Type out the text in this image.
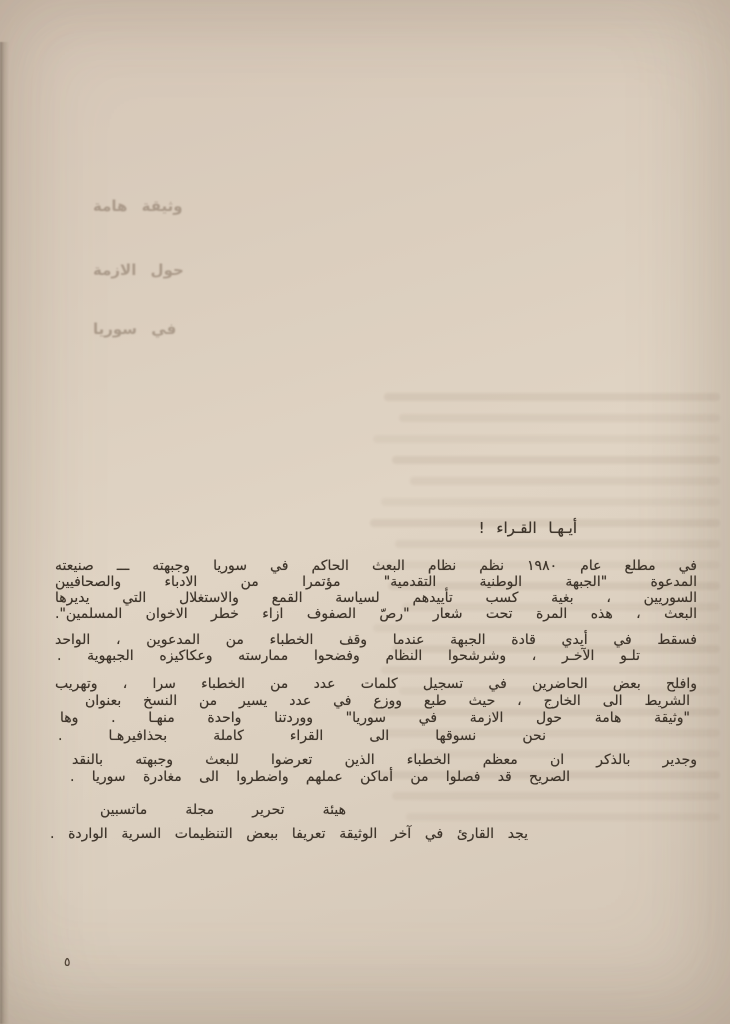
وثيقة هامة
حول الازمة
في سوريا
أيـهـا القـراء !
في مطلع عام ١٩٨٠ نظم نظام البعث الحاكم في سوريا وجبهته ـــ صنيعته
المدعوة "الجبهة الوطنية التقدمية" مؤتمرا من الادباء والصحافيين
السوريين ، بغية كسب تأييدهم لسياسة القمع والاستغلال التي يديرها
البعث ، هذه المرة تحت شعار "رصّ الصفوف ازاء خطر الاخوان المسلمين".
فسقط في أيدي قادة الجبهة عندما وقف الخطباء من المدعوين ، الواحد
تلـو الآخـر ، وشرشحوا النظام وفضحوا ممارسته وعكاكيزه الجبهوية .
وافلح بعض الحاضرين في تسجيل كلمات عدد من الخطباء سرا ، وتهريب
الشريط الى الخارج ، حيث طبع ووزع في عدد يسير من النسخ بعنوان
"وثيقة هامة حول الازمة في سوريا" ووردتنا واحدة منهـا . وها
نحن نسوقها الى القراء كاملة بحذافيرهـا .
وجدير بالذكر ان معظم الخطباء الذين تعرضوا للبعث وجبهته بالنقد
الصريح قد فصلوا من أماكن عملهم واضطروا الى مغادرة سوريا .
هيئة تحرير مجلة ماتسبين
يجد القارئ في آخر الوثيقة تعريفا ببعض التنظيمات السرية الواردة .
٥
